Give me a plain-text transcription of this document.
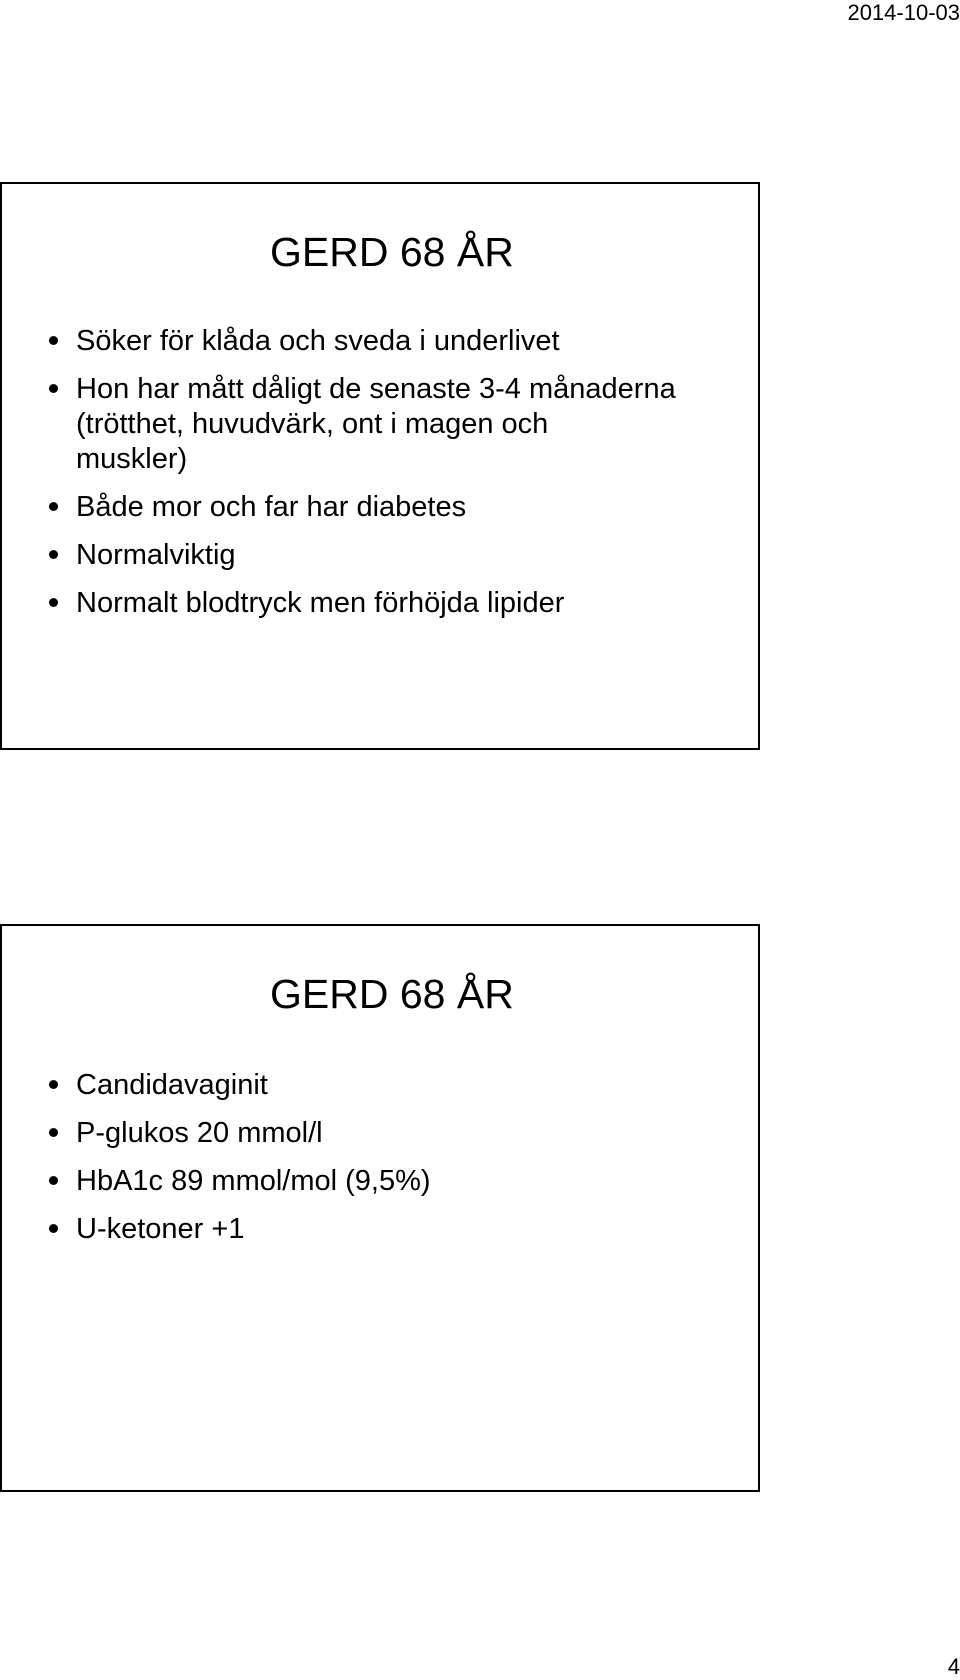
2014-10-03
GERD 68 ÅR
Söker för klåda och sveda i underlivet
Hon har mått dåligt de senaste 3-4 månaderna
(trötthet, huvudvärk, ont i magen och
muskler)
Både mor och far har diabetes
Normalviktig
Normalt blodtryck men förhöjda lipider
GERD 68 ÅR
Candidavaginit
P-glukos 20 mmol/l
HbA1c 89 mmol/mol (9,5%)
U-ketoner +1
4
